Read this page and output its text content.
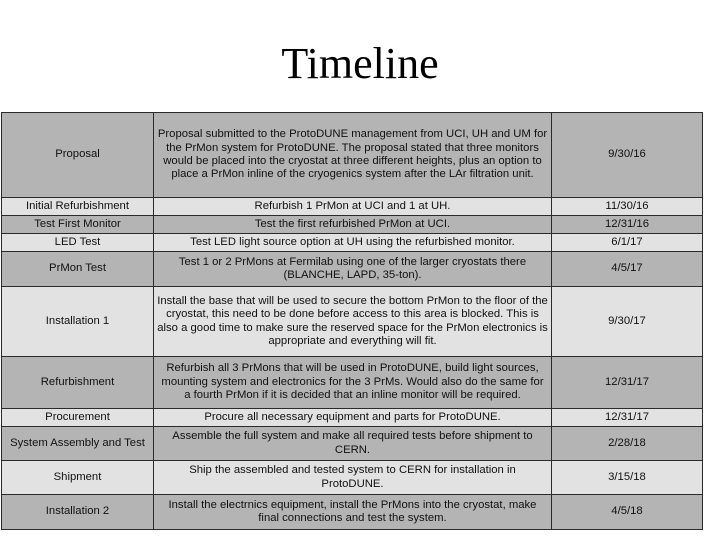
Timeline
Proposal	Proposal submitted to the ProtoDUNE management from UCI, UH and UM for the PrMon system for ProtoDUNE. The proposal stated that three monitors would be placed into the cryostat at three different heights, plus an option to place a PrMon inline of the cryogenics system after the LAr filtration unit.	9/30/16
Initial Refurbishment	Refurbish 1 PrMon at UCI and 1 at UH.	11/30/16
Test First Monitor	Test the first refurbished PrMon at UCI.	12/31/16
LED Test	Test LED light source option at UH using the refurbished monitor.	6/1/17
PrMon Test	Test 1 or 2 PrMons at Fermilab using one of the larger cryostats there (BLANCHE, LAPD, 35-ton).	4/5/17
Installation 1	Install the base that will be used to secure the bottom PrMon to the floor of the cryostat, this need to be done before access to this area is blocked. This is also a good time to make sure the reserved space for the PrMon electronics is appropriate and everything will fit.	9/30/17
Refurbishment	Refurbish all 3 PrMons that will be used in ProtoDUNE, build light sources, mounting system and electronics for the 3 PrMs. Would also do the same for a fourth PrMon if it is decided that an inline monitor will be required.	12/31/17
Procurement	Procure all necessary equipment and parts for ProtoDUNE.	12/31/17
System Assembly and Test	Assemble the full system and make all required tests before shipment to CERN.	2/28/18
Shipment	Ship the assembled and tested system to CERN for installation in ProtoDUNE.	3/15/18
Installation 2	Install the electrnics equipment, install the PrMons into the cryostat, make final connections and test the system.	4/5/18
